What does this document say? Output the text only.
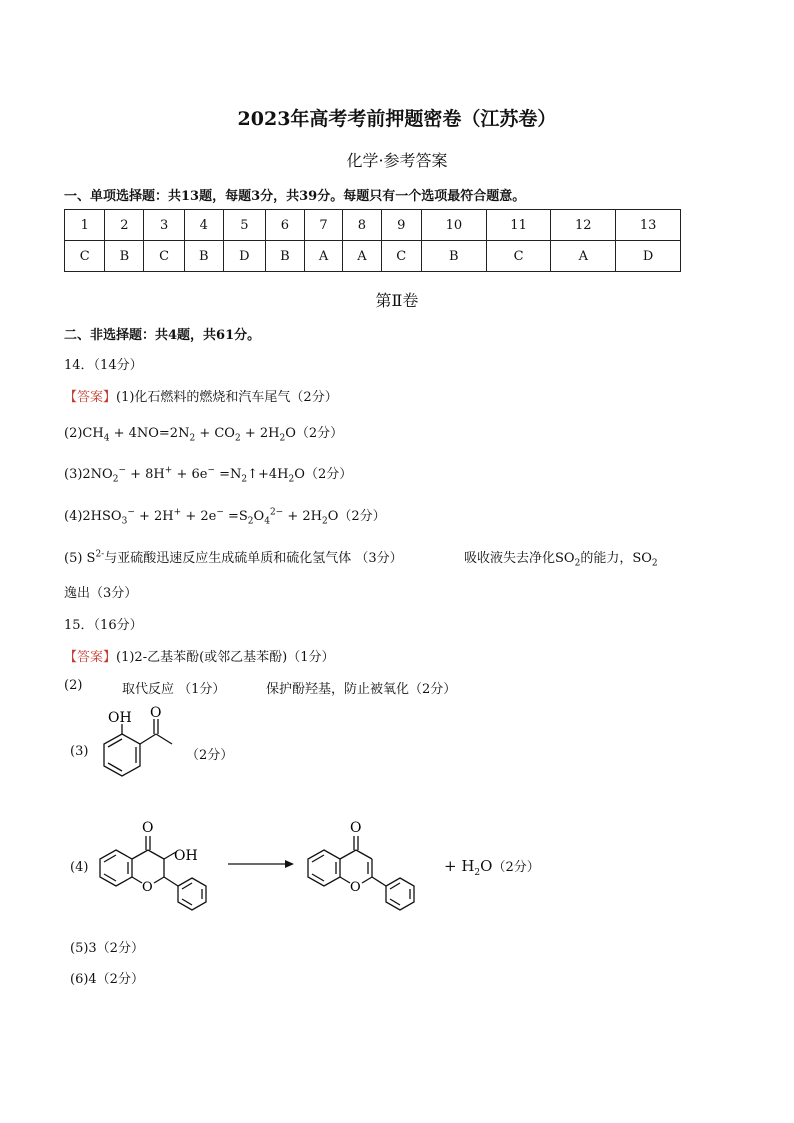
2023年高考考前押题密卷（江苏卷）
化学·参考答案
一、单项选择题：共13题，每题3分，共39分。每题只有一个选项最符合题意。
1	2	3	4	5	6	7	8	9	10	11	12	13
C	B	C	B	D	B	A	A	C	B	C	A	D
第Ⅱ卷
二、非选择题：共4题，共61分。
14．（14分）
【答案】(1)化石燃料的燃烧和汽车尾气（2分）
$(2)CH_4 + 4NO=2N_2 + CO_2 + 2H_2O(2$分）
$(3)2NO_2^- + 8H^+ + 6e^-$ $=N_2↑+4H_2O(2$分）
$(4)2HSO_3^- + 2H^+ + 2e^- =S_2O_4^{2-} + 2H_2O(2$分）
(5) $S^{2-}$与亚硫酸迅速反应生成硫单质和硫化氢气体 （3分）	吸收液失去净化$SO_2$的能力，$SO_2$
逸出（3分）
15．（16分）
【答案】(1)2-乙基苯酚(或邻乙基苯酚)（1分）
(2)	取代反应 （1分）	保护酚羟基，防止被氧化（2分）
(3)
OH O
（2分）
(4)
O
OH
O
O
O
+ $H_2O(2$分）
(5)3（2分）
(6)4（2分）
